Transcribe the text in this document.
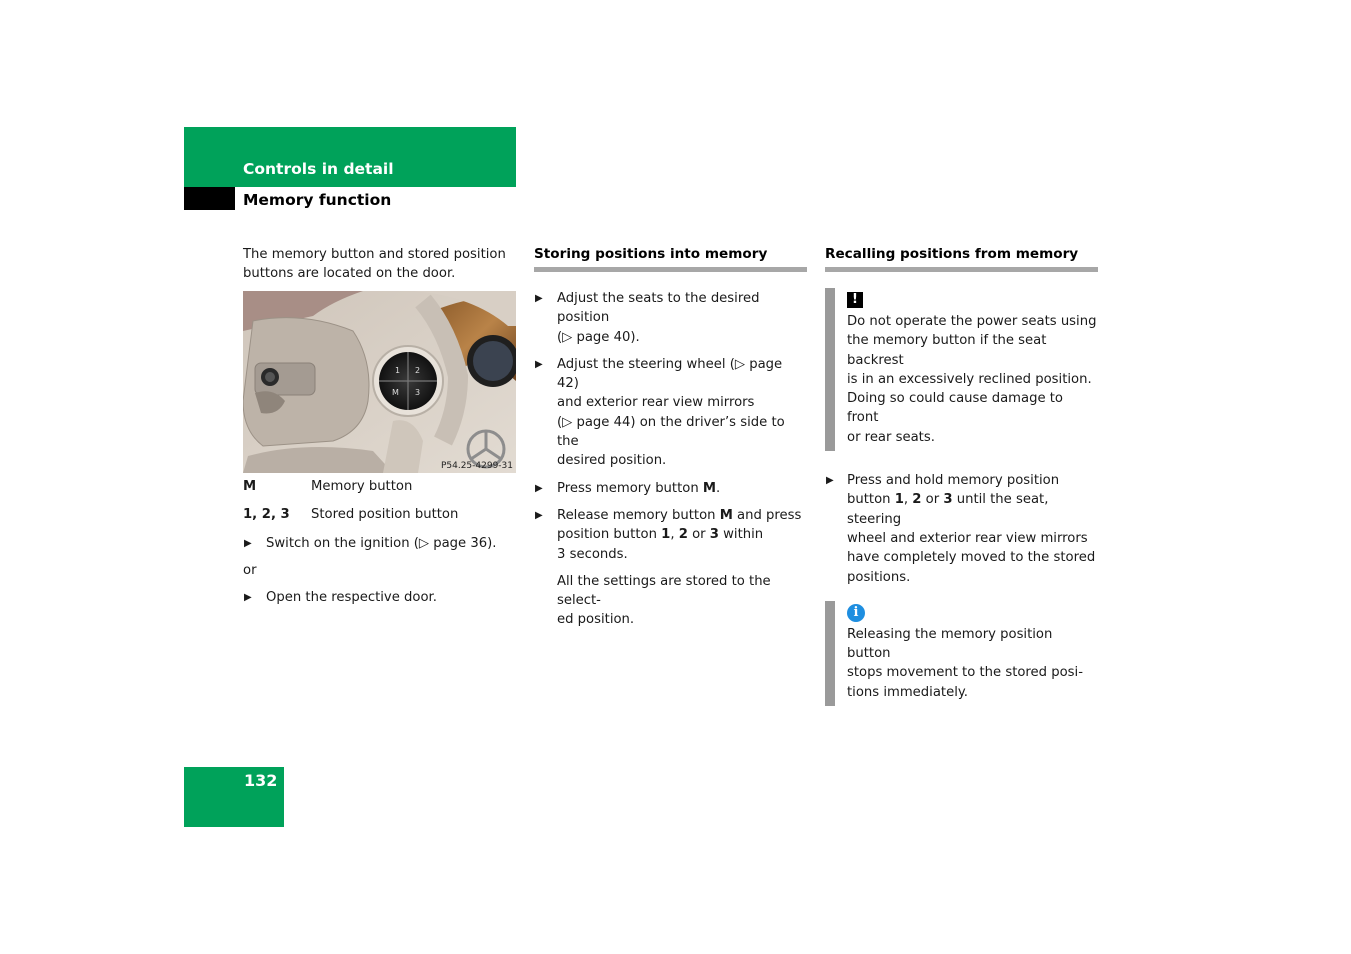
Controls in detail
Memory function

The memory button and stored position buttons are located on the door.

1 2
M 3
P54.25-4299-31
M	Memory button
1, 2, 3	Stored position button
▶ Switch on the ignition (▷ page 36).

or

▶ Open the respective door.
Storing positions into memory
▶ Adjust the seats to the desired position
(▷ page 40).
▶ Adjust the steering wheel (▷ page 42)
and exterior rear view mirrors
(▷ page 44) on the driver’s side to the
desired position.
▶ Press memory button M.
▶ Release memory button M and press
position button 1, 2 or 3 within
3 seconds.

All the settings are stored to the select-
ed position.

Recalling positions from memory
!

Do not operate the power seats using
the memory button if the seat backrest
is in an excessively reclined position.
Doing so could cause damage to front
or rear seats.

▶ Press and hold memory position
button 1, 2 or 3 until the seat, steering
wheel and exterior rear view mirrors
have completely moved to the stored
positions.
i

Releasing the memory position button
stops movement to the stored posi-
tions immediately.

132
